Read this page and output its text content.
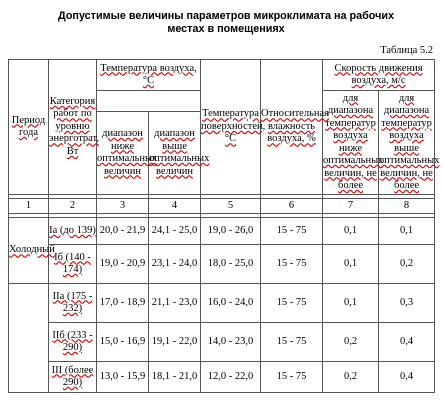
Допустимые величины параметров микроклимата на рабочих местах в помещениях
Таблица 5.2
Период года	Категория работ по уровню энерготрат, Вт	Температура воздуха, °С		Температура поверхностей, °С	Относительная влажность воздуха, %	Скорость движения воздуха, м/с	
						для диапазона температур воздуха ниже оптимальных величин, не более	для диапазона температур воздуха выше оптимальных величин, не более
		диапазон ниже оптимальных величин	диапазон выше оптимальных величин				

1	2	3	4	5	6	7	8

Холодный	Iа (до 139)	20,0 - 21,9	24,1 - 25,0	19,0 - 26,0	15 - 75	0,1	0,1
	Iб (140 - 174)	19,0 - 20,9	23,1 - 24,0	18,0 - 25,0	15 - 75	0,1	0,2
	IIа (175 - 232)	17,0 - 18,9	21,1 - 23,0	16,0 - 24,0	15 - 75	0,1	0,3
	IIб (233 - 290)	15,0 - 16,9	19,1 - 22,0	14,0 - 23,0	15 - 75	0,2	0,4
	III (более 290)	13,0 - 15,9	18,1 - 21,0	12,0 - 22,0	15 - 75	0,2	0,4
